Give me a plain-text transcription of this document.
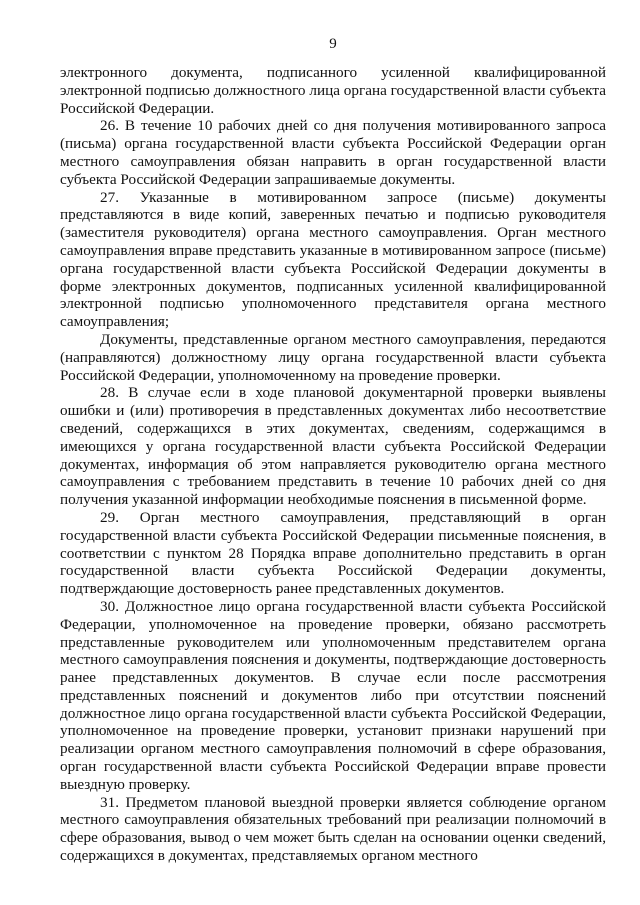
9

электронного документа, подписанного усиленной квалифицированной электронной подписью должностного лица органа государственной власти субъекта Российской Федерации.

26. В течение 10 рабочих дней со дня получения мотивированного запроса (письма) органа государственной власти субъекта Российской Федерации орган местного самоуправления обязан направить в орган государственной власти субъекта Российской Федерации запрашиваемые документы.

27. Указанные в мотивированном запросе (письме) документы представляются в виде копий, заверенных печатью и подписью руководителя (заместителя руководителя) органа местного самоуправления. Орган местного самоуправления вправе представить указанные в мотивированном запросе (письме) органа государственной власти субъекта Российской Федерации документы в форме электронных документов, подписанных усиленной квалифицированной электронной подписью уполномоченного представителя органа местного самоуправления;

Документы, представленные органом местного самоуправления, передаются (направляются) должностному лицу органа государственной власти субъекта Российской Федерации, уполномоченному на проведение проверки.

28. В случае если в ходе плановой документарной проверки выявлены ошибки и (или) противоречия в представленных документах либо несоответствие сведений, содержащихся в этих документах, сведениям, содержащимся в имеющихся у органа государственной власти субъекта Российской Федерации документах, информация об этом направляется руководителю органа местного самоуправления с требованием представить в течение 10 рабочих дней со дня получения указанной информации необходимые пояснения в письменной форме.

29. Орган местного самоуправления, представляющий в орган государственной власти субъекта Российской Федерации письменные пояснения, в соответствии с пунктом 28 Порядка вправе дополнительно представить в орган государственной власти субъекта Российской Федерации документы, подтверждающие достоверность ранее представленных документов.

30. Должностное лицо органа государственной власти субъекта Российской Федерации, уполномоченное на проведение проверки, обязано рассмотреть представленные руководителем или уполномоченным представителем органа местного самоуправления пояснения и документы, подтверждающие достоверность ранее представленных документов. В случае если после рассмотрения представленных пояснений и документов либо при отсутствии пояснений должностное лицо органа государственной власти субъекта Российской Федерации, уполномоченное на проведение проверки, установит признаки нарушений при реализации органом местного самоуправления полномочий в сфере образования, орган государственной власти субъекта Российской Федерации вправе провести выездную проверку.

31. Предметом плановой выездной проверки является соблюдение органом местного самоуправления обязательных требований при реализации полномочий в сфере образования, вывод о чем может быть сделан на основании оценки сведений, содержащихся в документах, представляемых органом местного
